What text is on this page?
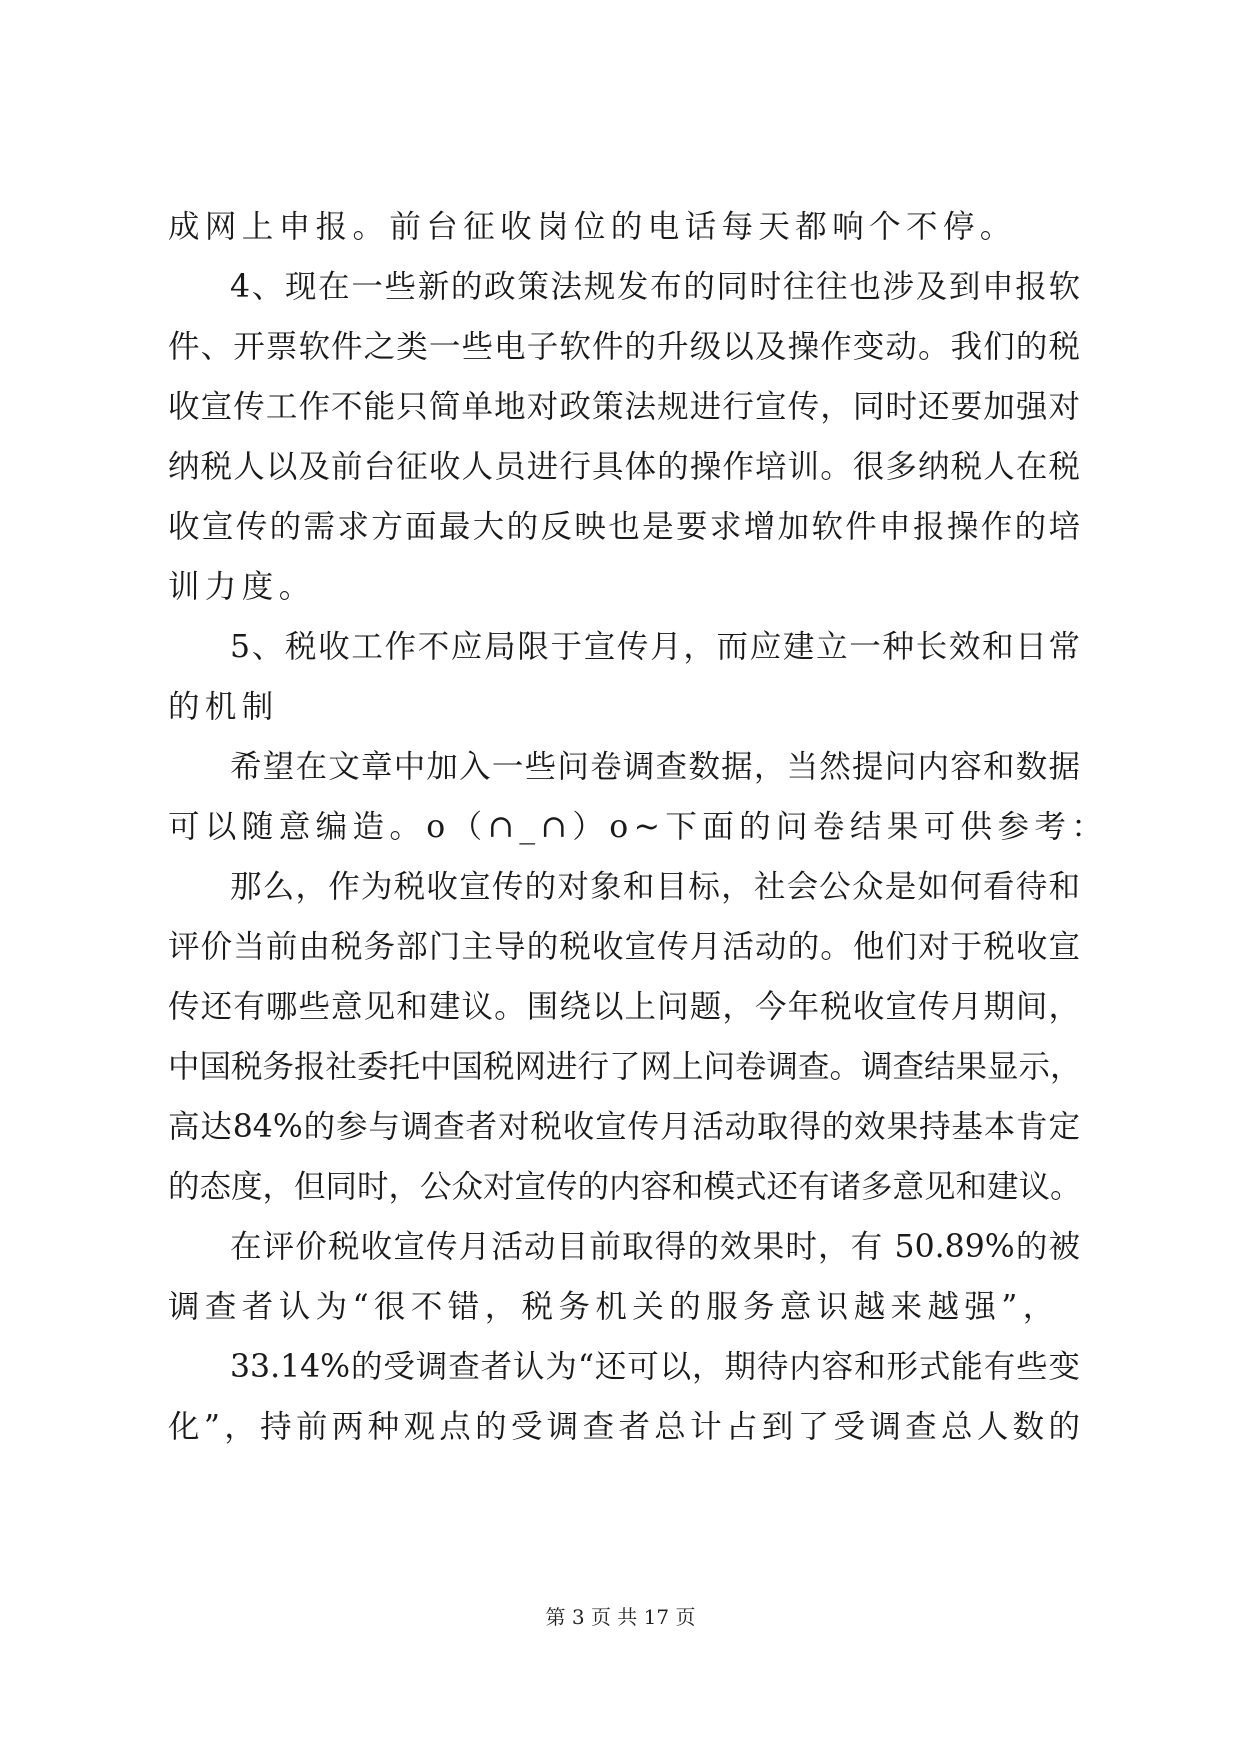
成网上申报。前台征收岗位的电话每天都响个不停。
4、现在一些新的政策法规发布的同时往往也涉及到申报软
件、开票软件之类一些电子软件的升级以及操作变动。我们的税
收宣传工作不能只简单地对政策法规进行宣传，同时还要加强对
纳税人以及前台征收人员进行具体的操作培训。很多纳税人在税
收宣传的需求方面最大的反映也是要求增加软件申报操作的培
训力度。
5、税收工作不应局限于宣传月，而应建立一种长效和日常
的机制
希望在文章中加入一些问卷调查数据，当然提问内容和数据
可以随意编造。o（∩_∩）o~下面的问卷结果可供参考：
那么，作为税收宣传的对象和目标，社会公众是如何看待和
评价当前由税务部门主导的税收宣传月活动的。他们对于税收宣
传还有哪些意见和建议。围绕以上问题，今年税收宣传月期间，
中国税务报社委托中国税网进行了网上问卷调查。调查结果显示，
高达84%的参与调查者对税收宣传月活动取得的效果持基本肯定
的态度，但同时，公众对宣传的内容和模式还有诸多意见和建议。
在评价税收宣传月活动目前取得的效果时，有 50.89%的被
调查者认为“很不错，税务机关的服务意识越来越强”，
33.14%的受调查者认为“还可以，期待内容和形式能有些变
化”，持前两种观点的受调查者总计占到了受调查总人数的
第 3 页 共 17 页
